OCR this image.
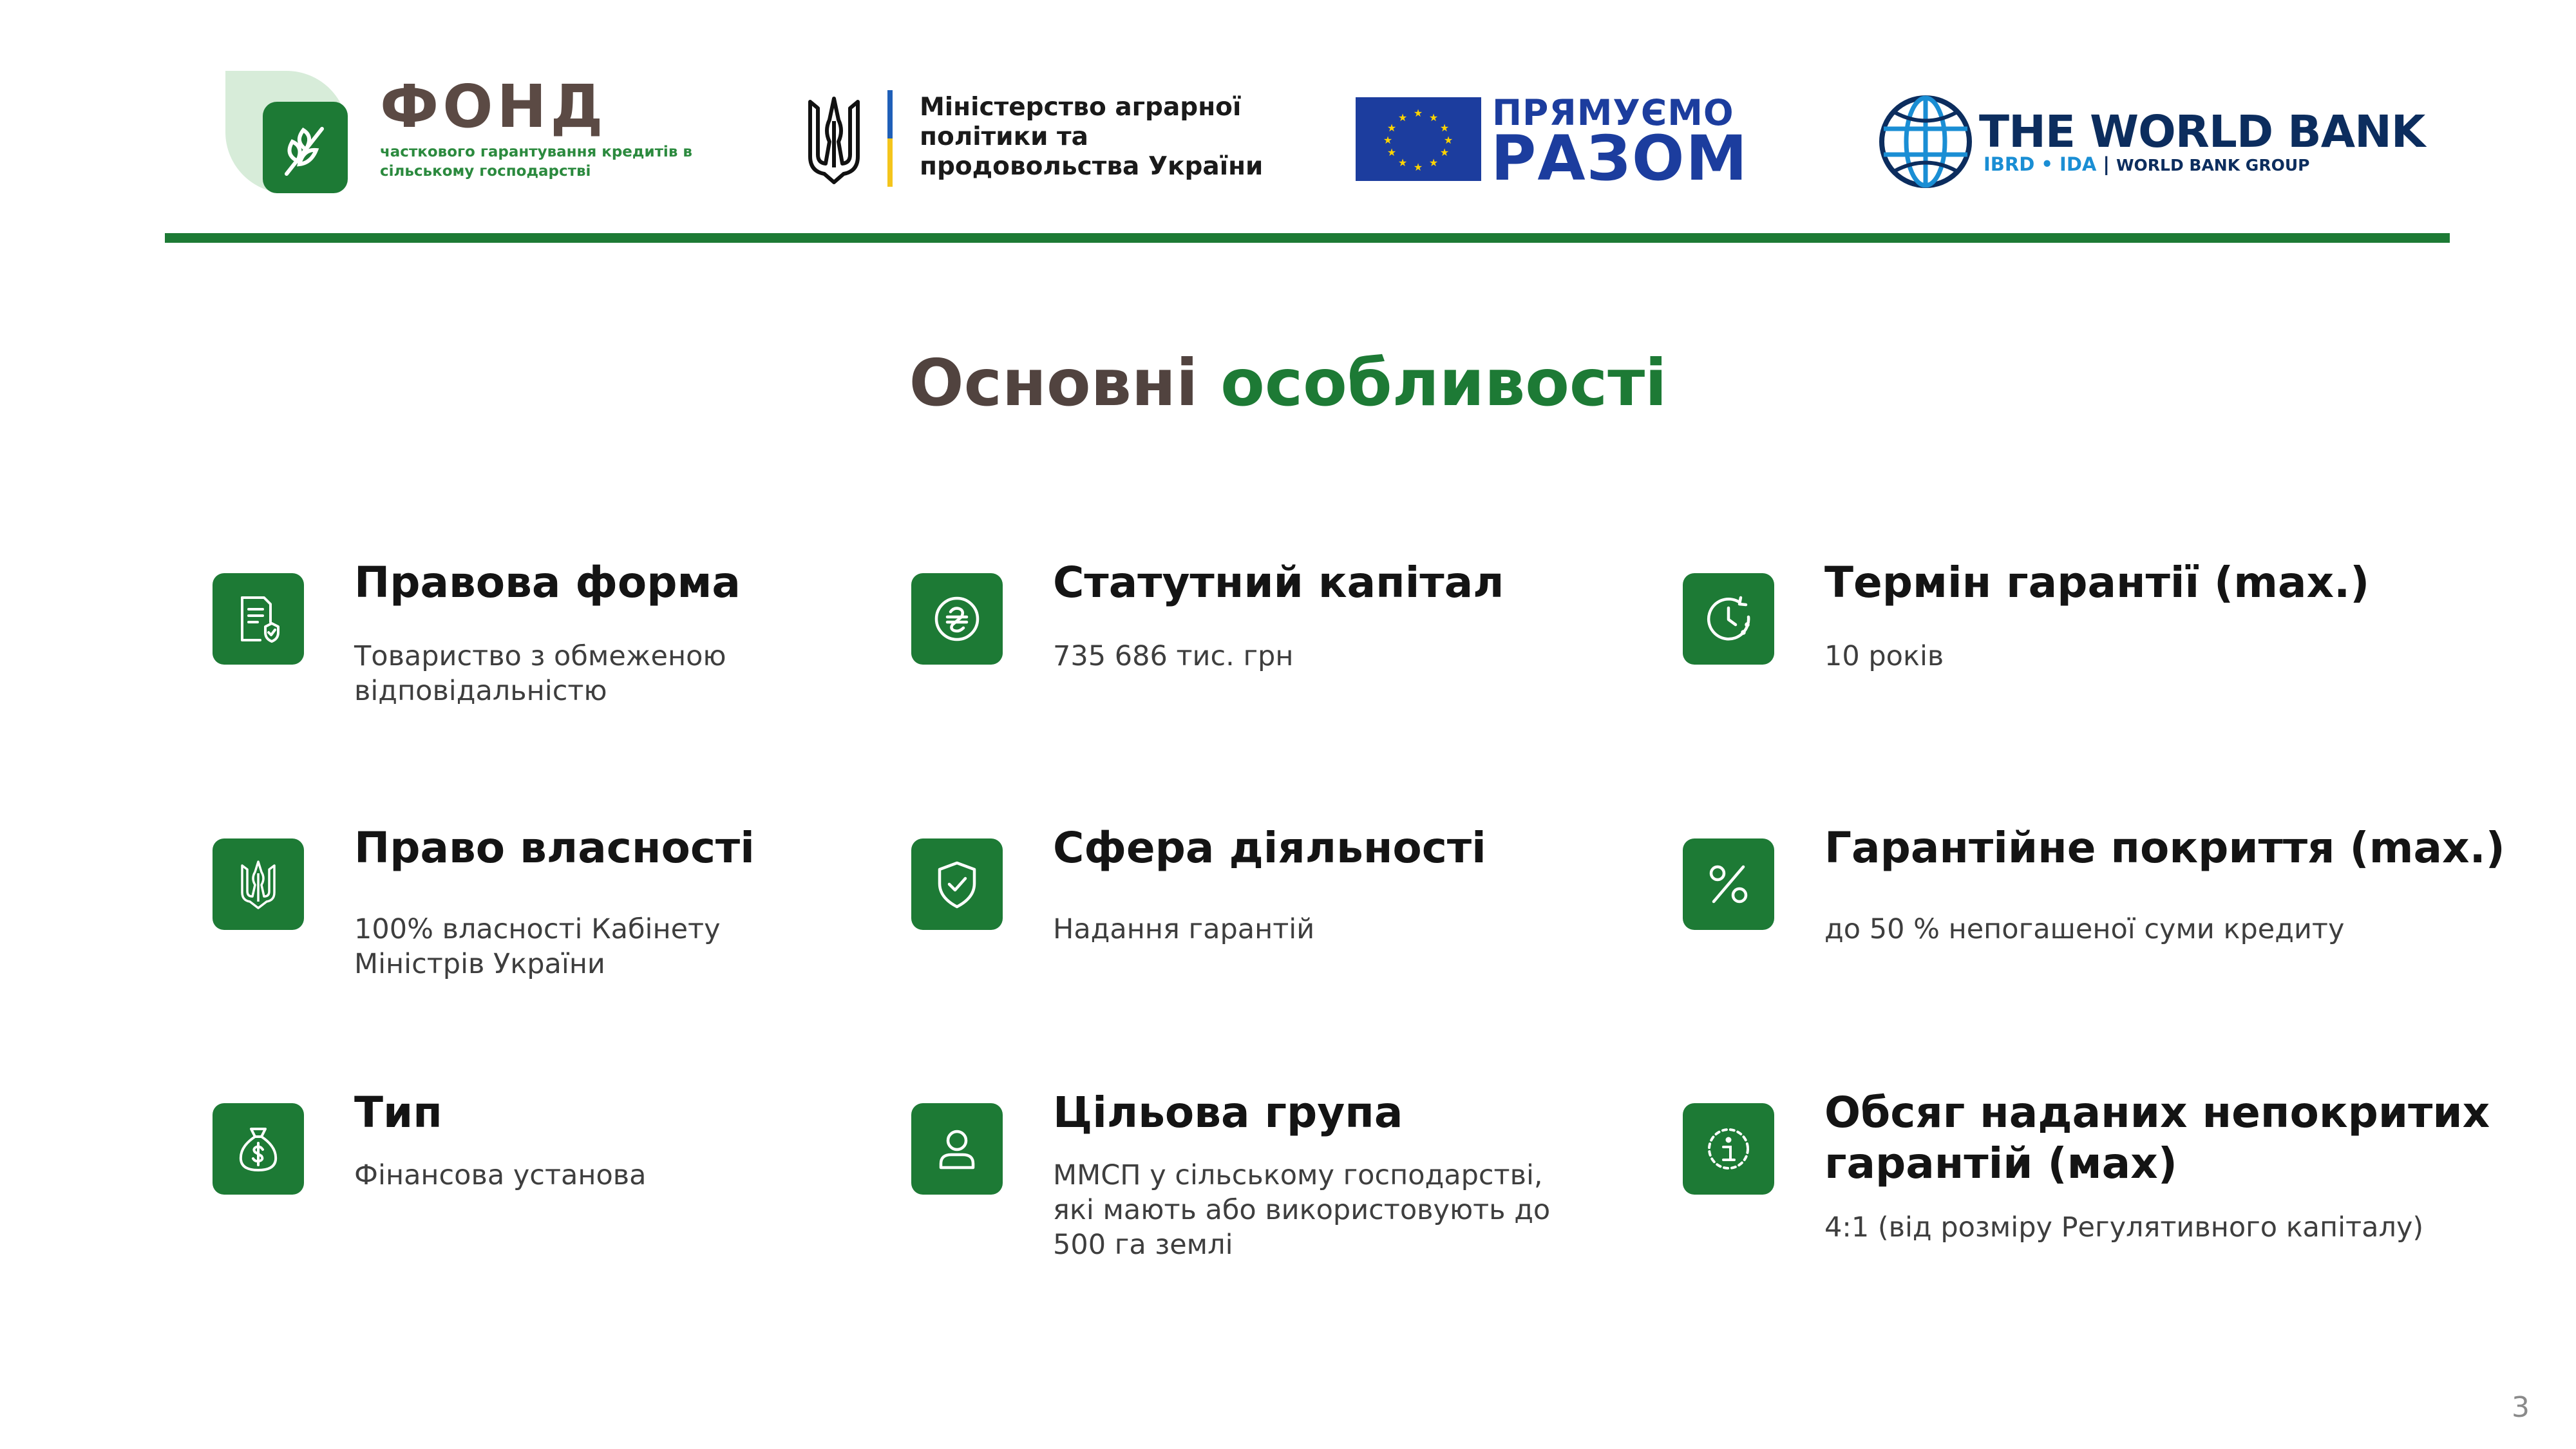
ФОНД
часткового гарантування кредитів в сільському господарстві
Міністерство аграрної політики та продовольства України
★ ★
★
★
★
★
★
★
★
★
★
★ ПРЯМУЄМО
РАЗОМ	THE WORLD BANK
IBRD • IDA | WORLD BANK GROUP
Основні особливості
Правова форма
Товариство з обмеженою відповідальністю
Статутний капітал
735 686 тис. грн
Термін гарантії (max.)
10 років
Право власності
100% власності Кабінету Міністрів України
Сфера діяльності
Надання гарантій
Гарантійне покриття (max.)
до 50 % непогашеної суми кредиту
Тип
Фінансова установа
Цільова група
ММСП у сільському господарстві, які мають або використовують до 500 га землі
Обсяг наданих непокритих гарантій (мах)
4:1 (від розміру Регулятивного капіталу)
3
